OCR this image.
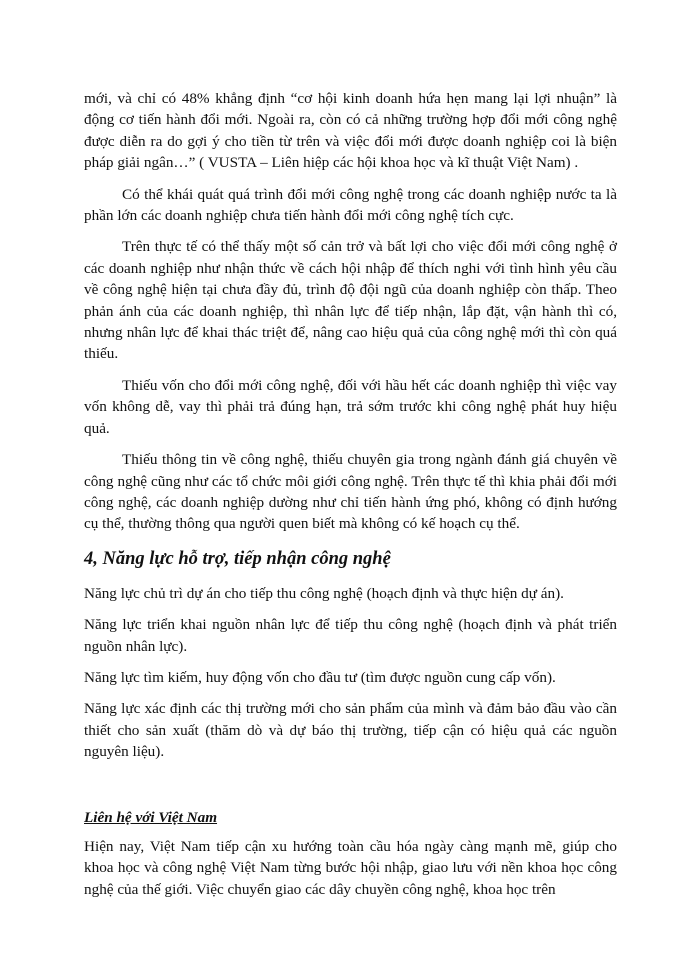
mới, và chỉ có 48% khẳng định “cơ hội kinh doanh hứa hẹn mang lại lợi nhuận” là động cơ tiến hành đổi mới. Ngoài ra, còn có cả những trường hợp đổi mới công nghệ được diễn ra do gợi ý cho tiền từ trên và việc đổi mới được doanh nghiệp coi là biện pháp giải ngân…” ( VUSTA – Liên hiệp các hội khoa học và kĩ thuật Việt Nam) .

Có thể khái quát quá trình đổi mới công nghệ trong các doanh nghiệp nước ta là phần lớn các doanh nghiệp chưa tiến hành đổi mới công nghệ tích cực.

Trên thực tế có thể thấy một số cản trở và bất lợi cho việc đổi mới công nghệ ở các doanh nghiệp như nhận thức về cách hội nhập để thích nghi với tình hình yêu cầu về công nghệ hiện tại chưa đầy đủ, trình độ đội ngũ của doanh nghiệp còn thấp. Theo phản ánh của các doanh nghiệp, thì nhân lực để tiếp nhận, lắp đặt, vận hành thì có, nhưng nhân lực để khai thác triệt để, nâng cao hiệu quả của công nghệ mới thì còn quá thiếu.

Thiếu vốn cho đổi mới công nghệ, đối với hầu hết các doanh nghiệp thì việc vay vốn không dễ, vay thì phải trả đúng hạn, trả sớm trước khi công nghệ phát huy hiệu quả.

Thiếu thông tin về công nghệ, thiếu chuyên gia trong ngành đánh giá chuyên về công nghệ cũng như các tổ chức môi giới công nghệ. Trên thực tế thì khia phải đổi mới công nghệ, các doanh nghiệp dường như chỉ tiến hành ứng phó, không có định hướng cụ thể, thường thông qua người quen biết mà không có kế hoạch cụ thể.

4, Năng lực hỗ trợ, tiếp nhận công nghệ

Năng lực chủ trì dự án cho tiếp thu công nghệ (hoạch định và thực hiện dự án).

Năng lực triển khai nguồn nhân lực để tiếp thu công nghệ (hoạch định và phát triển nguồn nhân lực).

Năng lực tìm kiếm, huy động vốn cho đầu tư (tìm được nguồn cung cấp vốn).

Năng lực xác định các thị trường mới cho sản phẩm của mình và đảm bảo đầu vào cần thiết cho sản xuất (thăm dò và dự báo thị trường, tiếp cận có hiệu quả các nguồn nguyên liệu).

Liên hệ với Việt Nam

Hiện nay, Việt Nam tiếp cận xu hướng toàn cầu hóa ngày càng mạnh mẽ, giúp cho khoa học và công nghệ Việt Nam từng bước hội nhập, giao lưu với nền khoa học công nghệ của thế giới. Việc chuyển giao các dây chuyền công nghệ, khoa học trên
